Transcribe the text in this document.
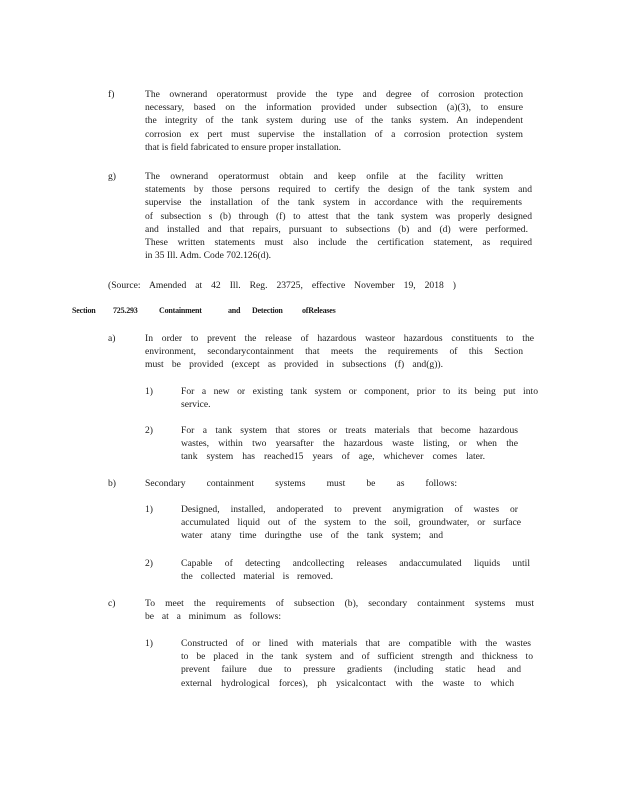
f)	The ownerand operatormust provide the type and degree of corrosion protection
necessary, based on the information provided under subsection (a)(3), to ensure
the integrity of the tank system during use of the tanks system. An independent
corrosion ex pert must supervise the installation of a corrosion protection system
that is field fabricated to ensure proper installation.
g)	The ownerand operatormust obtain and keep onfile at the facility written
statements by those persons required to certify the design of the tank system and
supervise the installation of the tank system in accordance with the requirements
of subsection s (b) through (f) to attest that the tank system was properly designed
and installed and that repairs, pursuant to subsections (b) and (d) were performed.
These written statements must also include the certification statement, as required
in 35 Ill. Adm. Code 702.126(d).
(Source: Amended at 42 Ill. Reg. 23725, effective November 19, 2018 )
Section 725.293	Containment	and Detection ofReleases
a)	In order to prevent the release of hazardous wasteor hazardous constituents to the
environment, secondarycontainment that meets the requirements of this Section
must be provided (except as provided in subsections (f) and(g)).
1)	For a new or existing tank system or component, prior to its being put into
service.
2)	For a tank system that stores or treats materials that become hazardous
wastes, within two yearsafter the hazardous waste listing, or when the
tank system has reached15 years of age, whichever comes later.
b)	Secondary containment systems must be as follows:
1)	Designed, installed, andoperated to prevent anymigration of wastes or
accumulated liquid out of the system to the soil, groundwater, or surface
water atany time duringthe use of the tank system; and
2)	Capable of detecting andcollecting releases andaccumulated liquids until
the collected material is removed.
c)	To meet the requirements of subsection (b), secondary containment systems must
be at a minimum as follows:
1)	Constructed of or lined with materials that are compatible with the wastes
to be placed in the tank system and of sufficient strength and thickness to
prevent failure due to pressure gradients (including static head and
external hydrological forces), ph ysicalcontact with the waste to which
